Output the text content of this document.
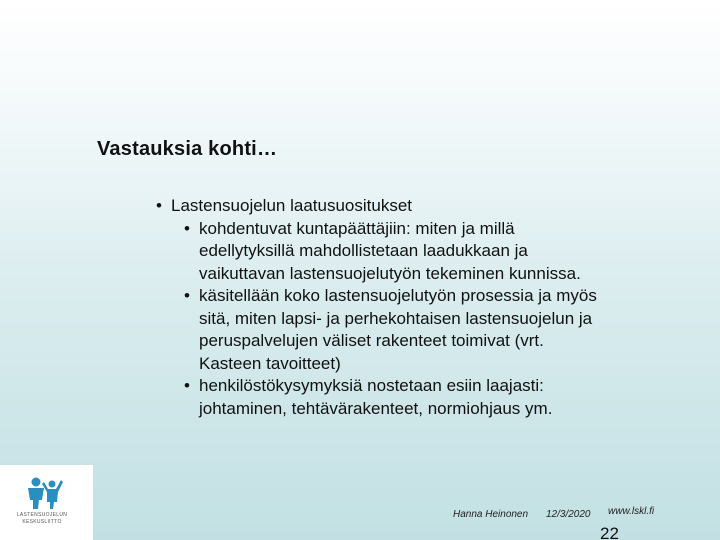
Vastauksia kohti…
• Lastensuojelun laatusuositukset
• kohdentuvat kuntapäättäjiin: miten ja millä
edellytyksillä mahdollistetaan laadukkaan ja
vaikuttavan lastensuojelutyön tekeminen kunnissa.
• käsitellään koko lastensuojelutyön prosessia ja myös
sitä, miten lapsi- ja perhekohtaisen lastensuojelun ja
peruspalvelujen väliset rakenteet toimivat (vrt.
Kasteen tavoitteet)
• henkilöstökysymyksiä nostetaan esiin laajasti:
johtaminen, tehtävärakenteet, normiohjaus ym.
LASTENSUOJELUN
KESKUSLIITTO
Hanna Heinonen 12/3/2020 www.lskl.fi
22
